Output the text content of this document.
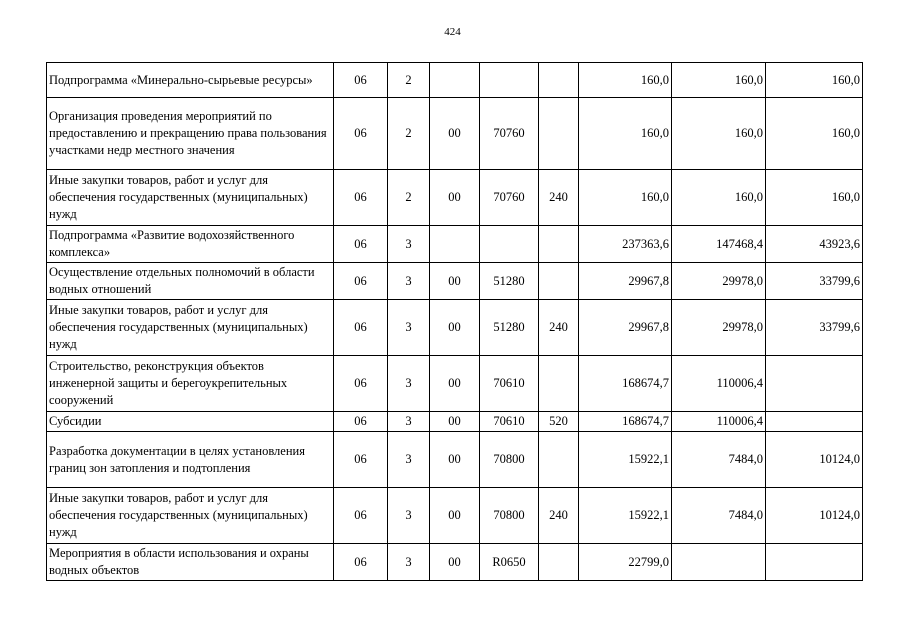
424
Подпрограмма «Минерально-сырьевые ресурсы»	06	2				160,0	160,0	160,0
Организация проведения мероприятий по предоставлению и прекращению права пользования участками недр местного значения	06	2	00	70760		160,0	160,0	160,0
Иные закупки товаров, работ и услуг для обеспечения государственных (муниципальных) нужд	06	2	00	70760	240	160,0	160,0	160,0
Подпрограмма «Развитие водохозяйственного комплекса»	06	3				237363,6	147468,4	43923,6
Осуществление отдельных полномочий в области водных отношений	06	3	00	51280		29967,8	29978,0	33799,6
Иные закупки товаров, работ и услуг для обеспечения государственных (муниципальных) нужд	06	3	00	51280	240	29967,8	29978,0	33799,6
Строительство, реконструкция объектов инженерной защиты и берегоукрепительных сооружений	06	3	00	70610		168674,7	110006,4	
Субсидии	06	3	00	70610	520	168674,7	110006,4	
Разработка документации в целях установления границ зон затопления и подтопления	06	3	00	70800		15922,1	7484,0	10124,0
Иные закупки товаров, работ и услуг для обеспечения государственных (муниципальных) нужд	06	3	00	70800	240	15922,1	7484,0	10124,0
Мероприятия в области использования и охраны водных объектов	06	3	00	R0650		22799,0		
